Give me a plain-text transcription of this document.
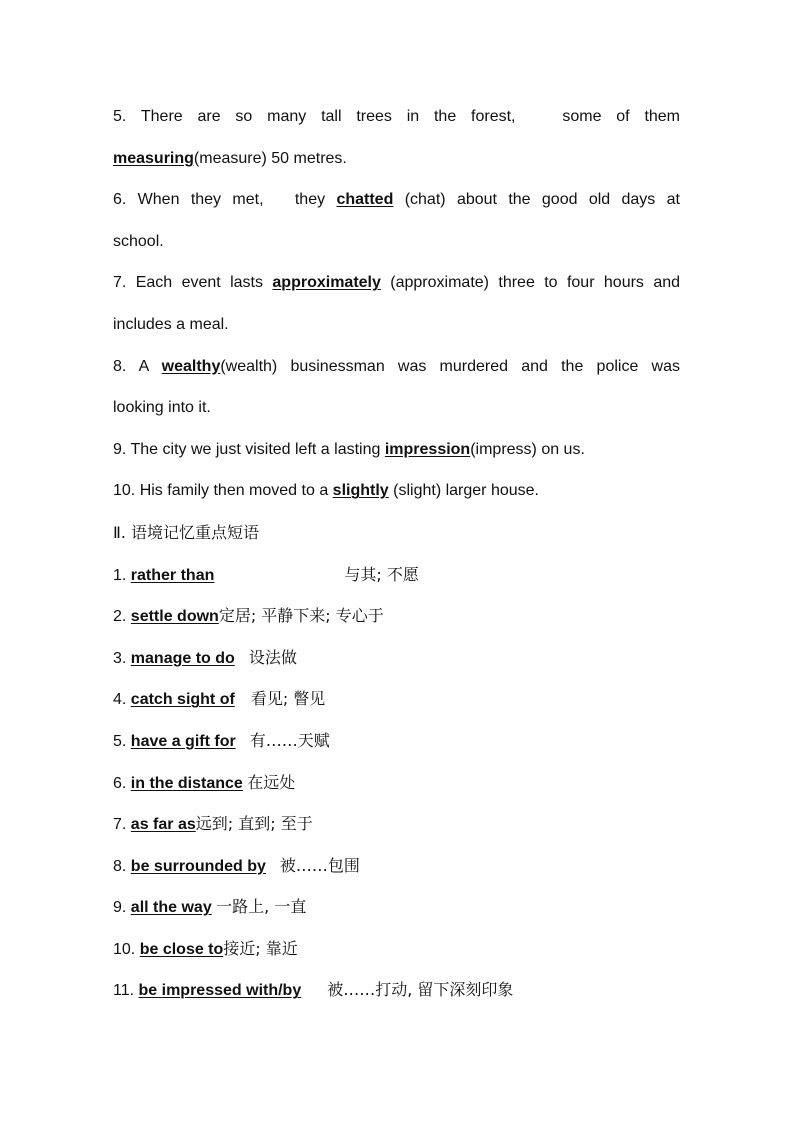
5. There are so many tall trees in the forest,	some of them
measuring(measure) 50 metres.
6. When they met, they chatted (chat) about the good old days at
school.
7. Each event lasts approximately (approximate) three to four hours and
includes a meal.
8. A wealthy(wealth) businessman was murdered and the police was
looking into it.
9. The city we just visited left a lasting impression(impress) on us.
10. His family then moved to a slightly (slight) larger house.
Ⅱ. 语境记忆重点短语
1. rather than	与其; 不愿
2. settle down定居; 平静下来; 专心于
3. manage to do 设法做
4. catch sight of 看见; 瞥见
5. have a gift for 有……天赋
6. in the distance 在远处
7. as far as远到; 直到; 至于
8. be surrounded by 被……包围
9. all the way 一路上, 一直
10. be close to接近; 靠近
11. be impressed with/by 被……打动, 留下深刻印象
